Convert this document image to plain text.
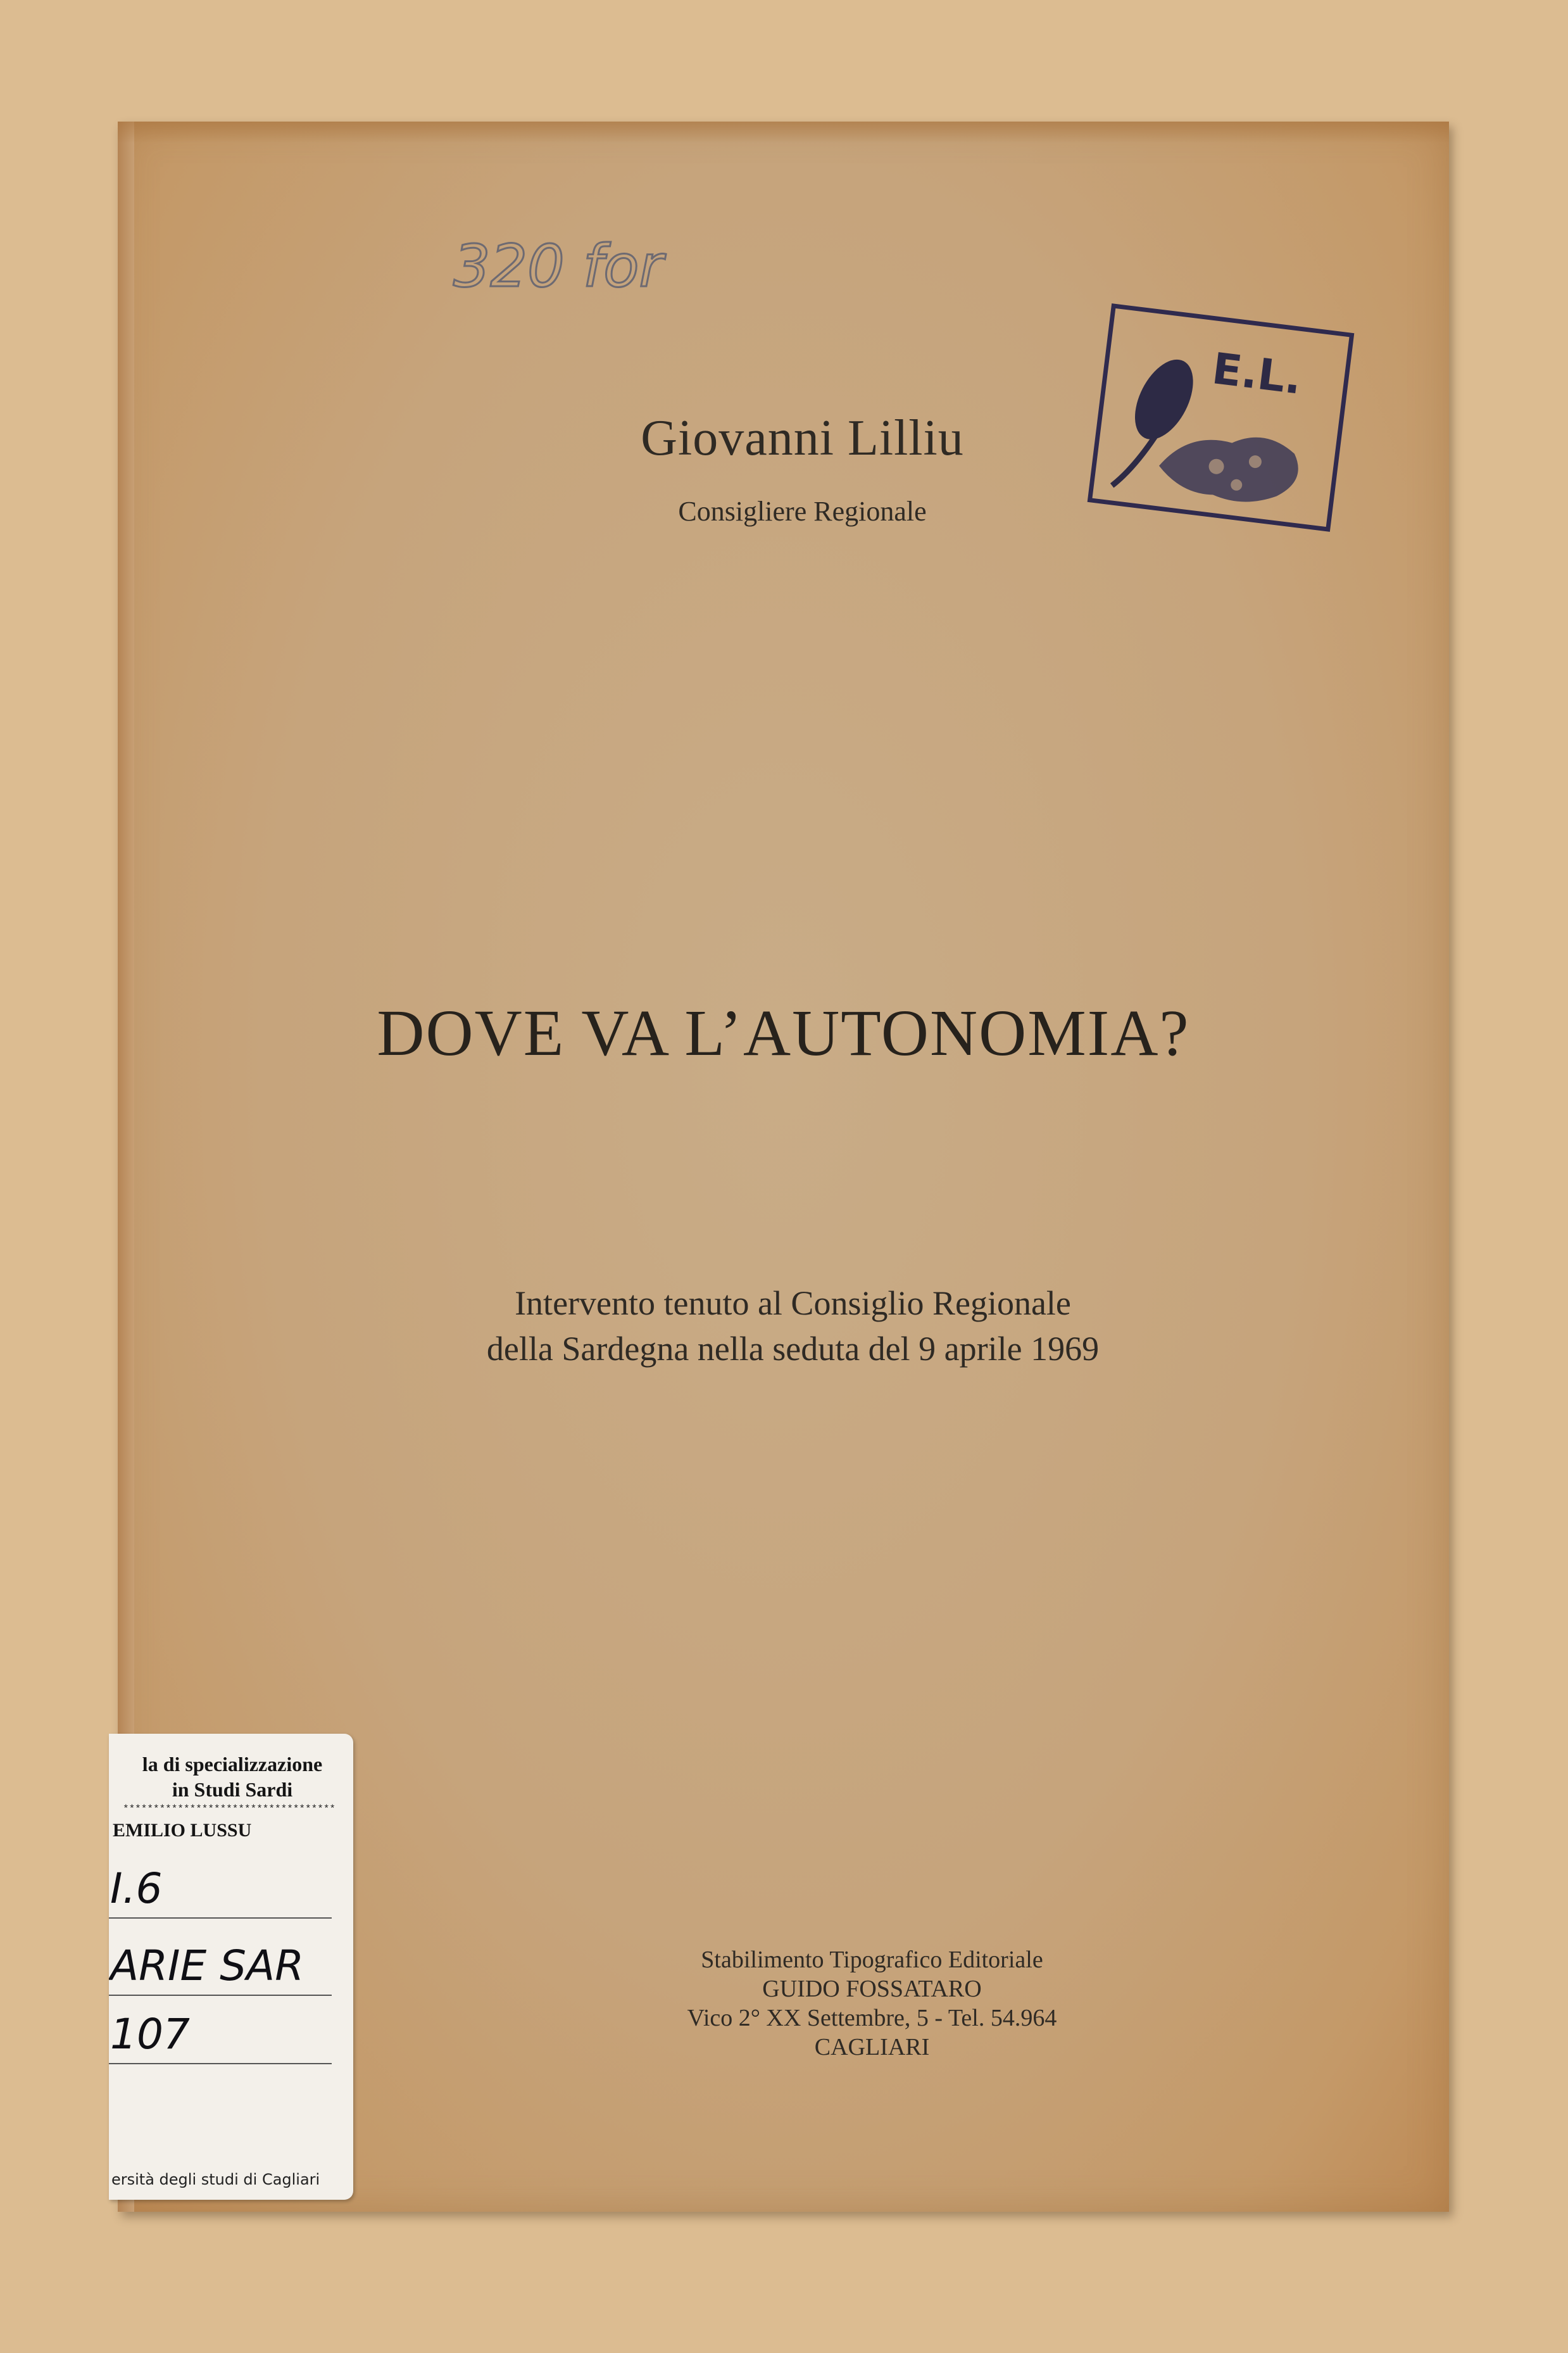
320 for
Giovanni Lilliu
Consigliere Regionale
E.L.
DOVE VA L’AUTONOMIA?
Intervento tenuto al Consiglio Regionale
della Sardegna nella seduta del 9 aprile 1969
Stabilimento Tipografico Editoriale
GUIDO FOSSATARO
Vico 2° XX Settembre, 5 - Tel. 54.964
CAGLIARI
la di specializzazione
in Studi Sardi
***********************************
EMILIO LUSSU
I.6
ARIE SAR
107
ersità degli studi di Cagliari
